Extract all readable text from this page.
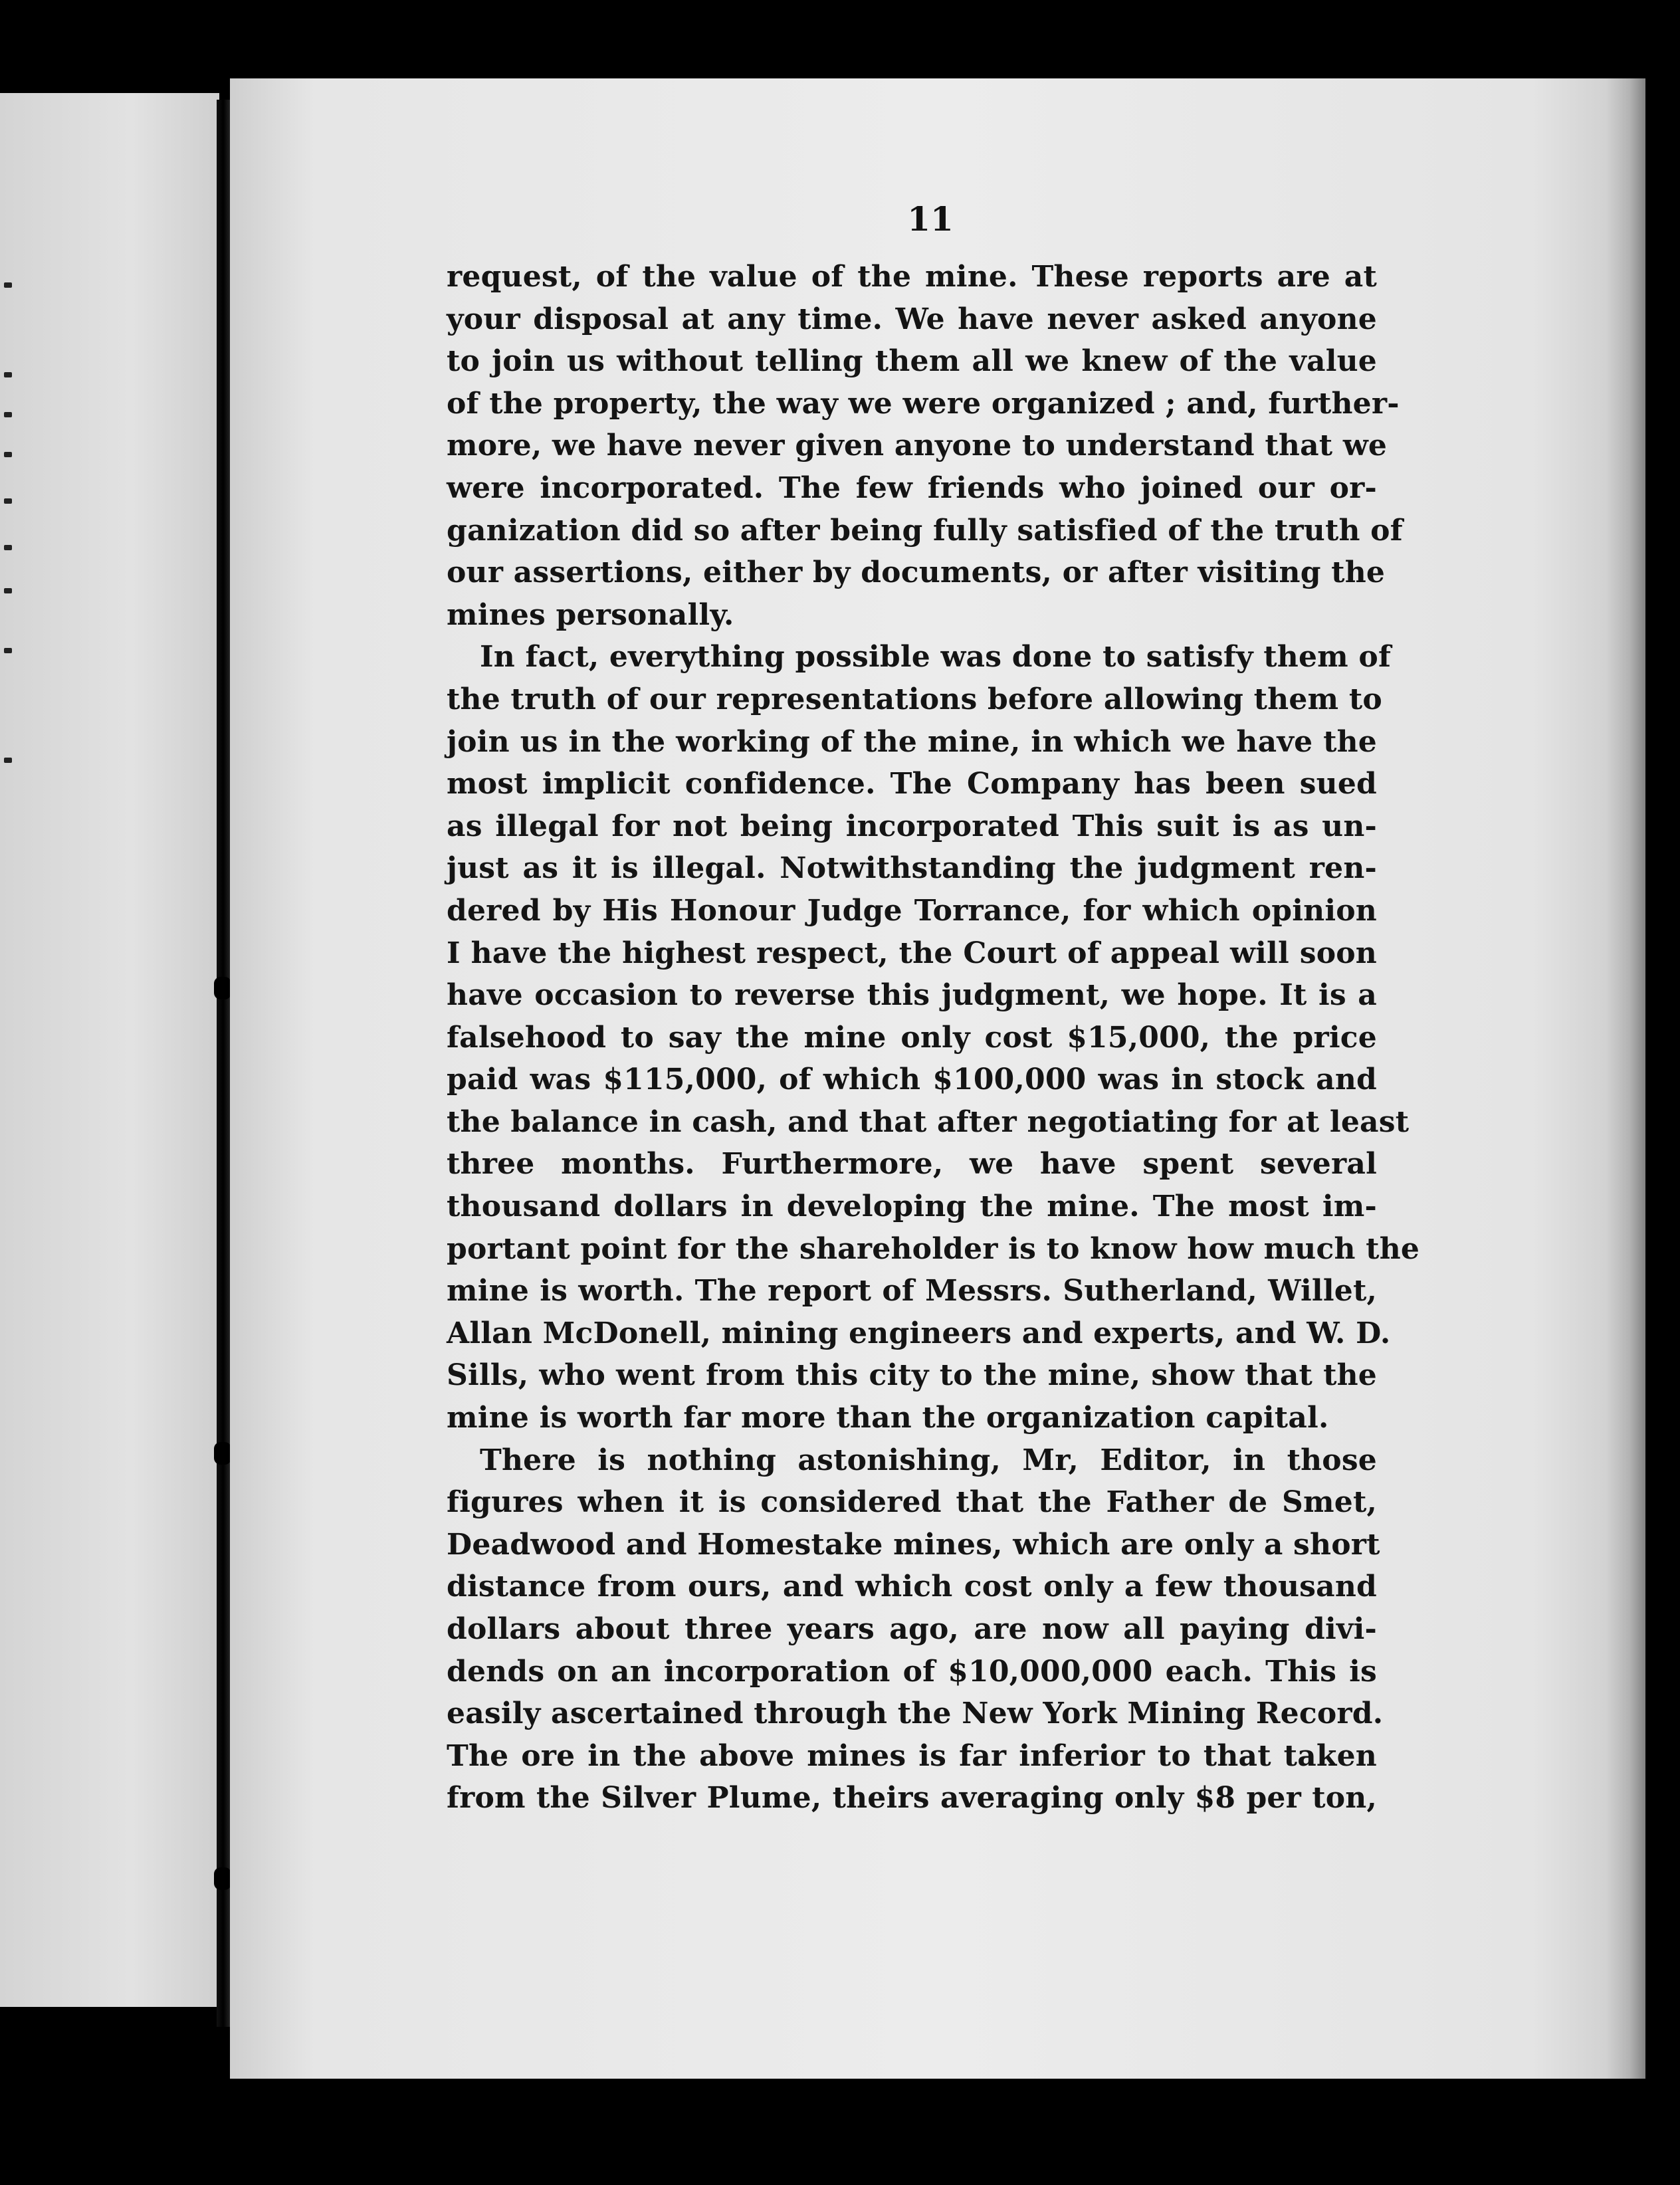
11

request, of the value of the mine. These reports are at
your disposal at any time. We have never asked anyone
to join us without telling them all we knew of the value
of the property, the way we were organized ; and, further-
more, we have never given anyone to understand that we
were incorporated. The few friends who joined our or-
ganization did so after being fully satisfied of the truth of
our assertions, either by documents, or after visiting the
mines personally.
In fact, everything possible was done to satisfy them of
the truth of our representations before allowing them to
join us in the working of the mine, in which we have the
most implicit confidence. The Company has been sued
as illegal for not being incorporated This suit is as un-
just as it is illegal. Notwithstanding the judgment ren-
dered by His Honour Judge Torrance, for which opinion
I have the highest respect, the Court of appeal will soon
have occasion to reverse this judgment, we hope. It is a
falsehood to say the mine only cost $15,000, the price
paid was $115,000, of which $100,000 was in stock and
the balance in cash, and that after negotiating for at least
three months. Furthermore, we have spent several
thousand dollars in developing the mine. The most im-
portant point for the shareholder is to know how much the
mine is worth. The report of Messrs. Sutherland, Willet,
Allan McDonell, mining engineers and experts, and W. D.
Sills, who went from this city to the mine, show that the
mine is worth far more than the organization capital.
There is nothing astonishing, Mr, Editor, in those
figures when it is considered that the Father de Smet,
Deadwood and Homestake mines, which are only a short
distance from ours, and which cost only a few thousand
dollars about three years ago, are now all paying divi-
dends on an incorporation of $10,000,000 each. This is
easily ascertained through the New York Mining Record.
The ore in the above mines is far inferior to that taken
from the Silver Plume, theirs averaging only $8 per ton,
